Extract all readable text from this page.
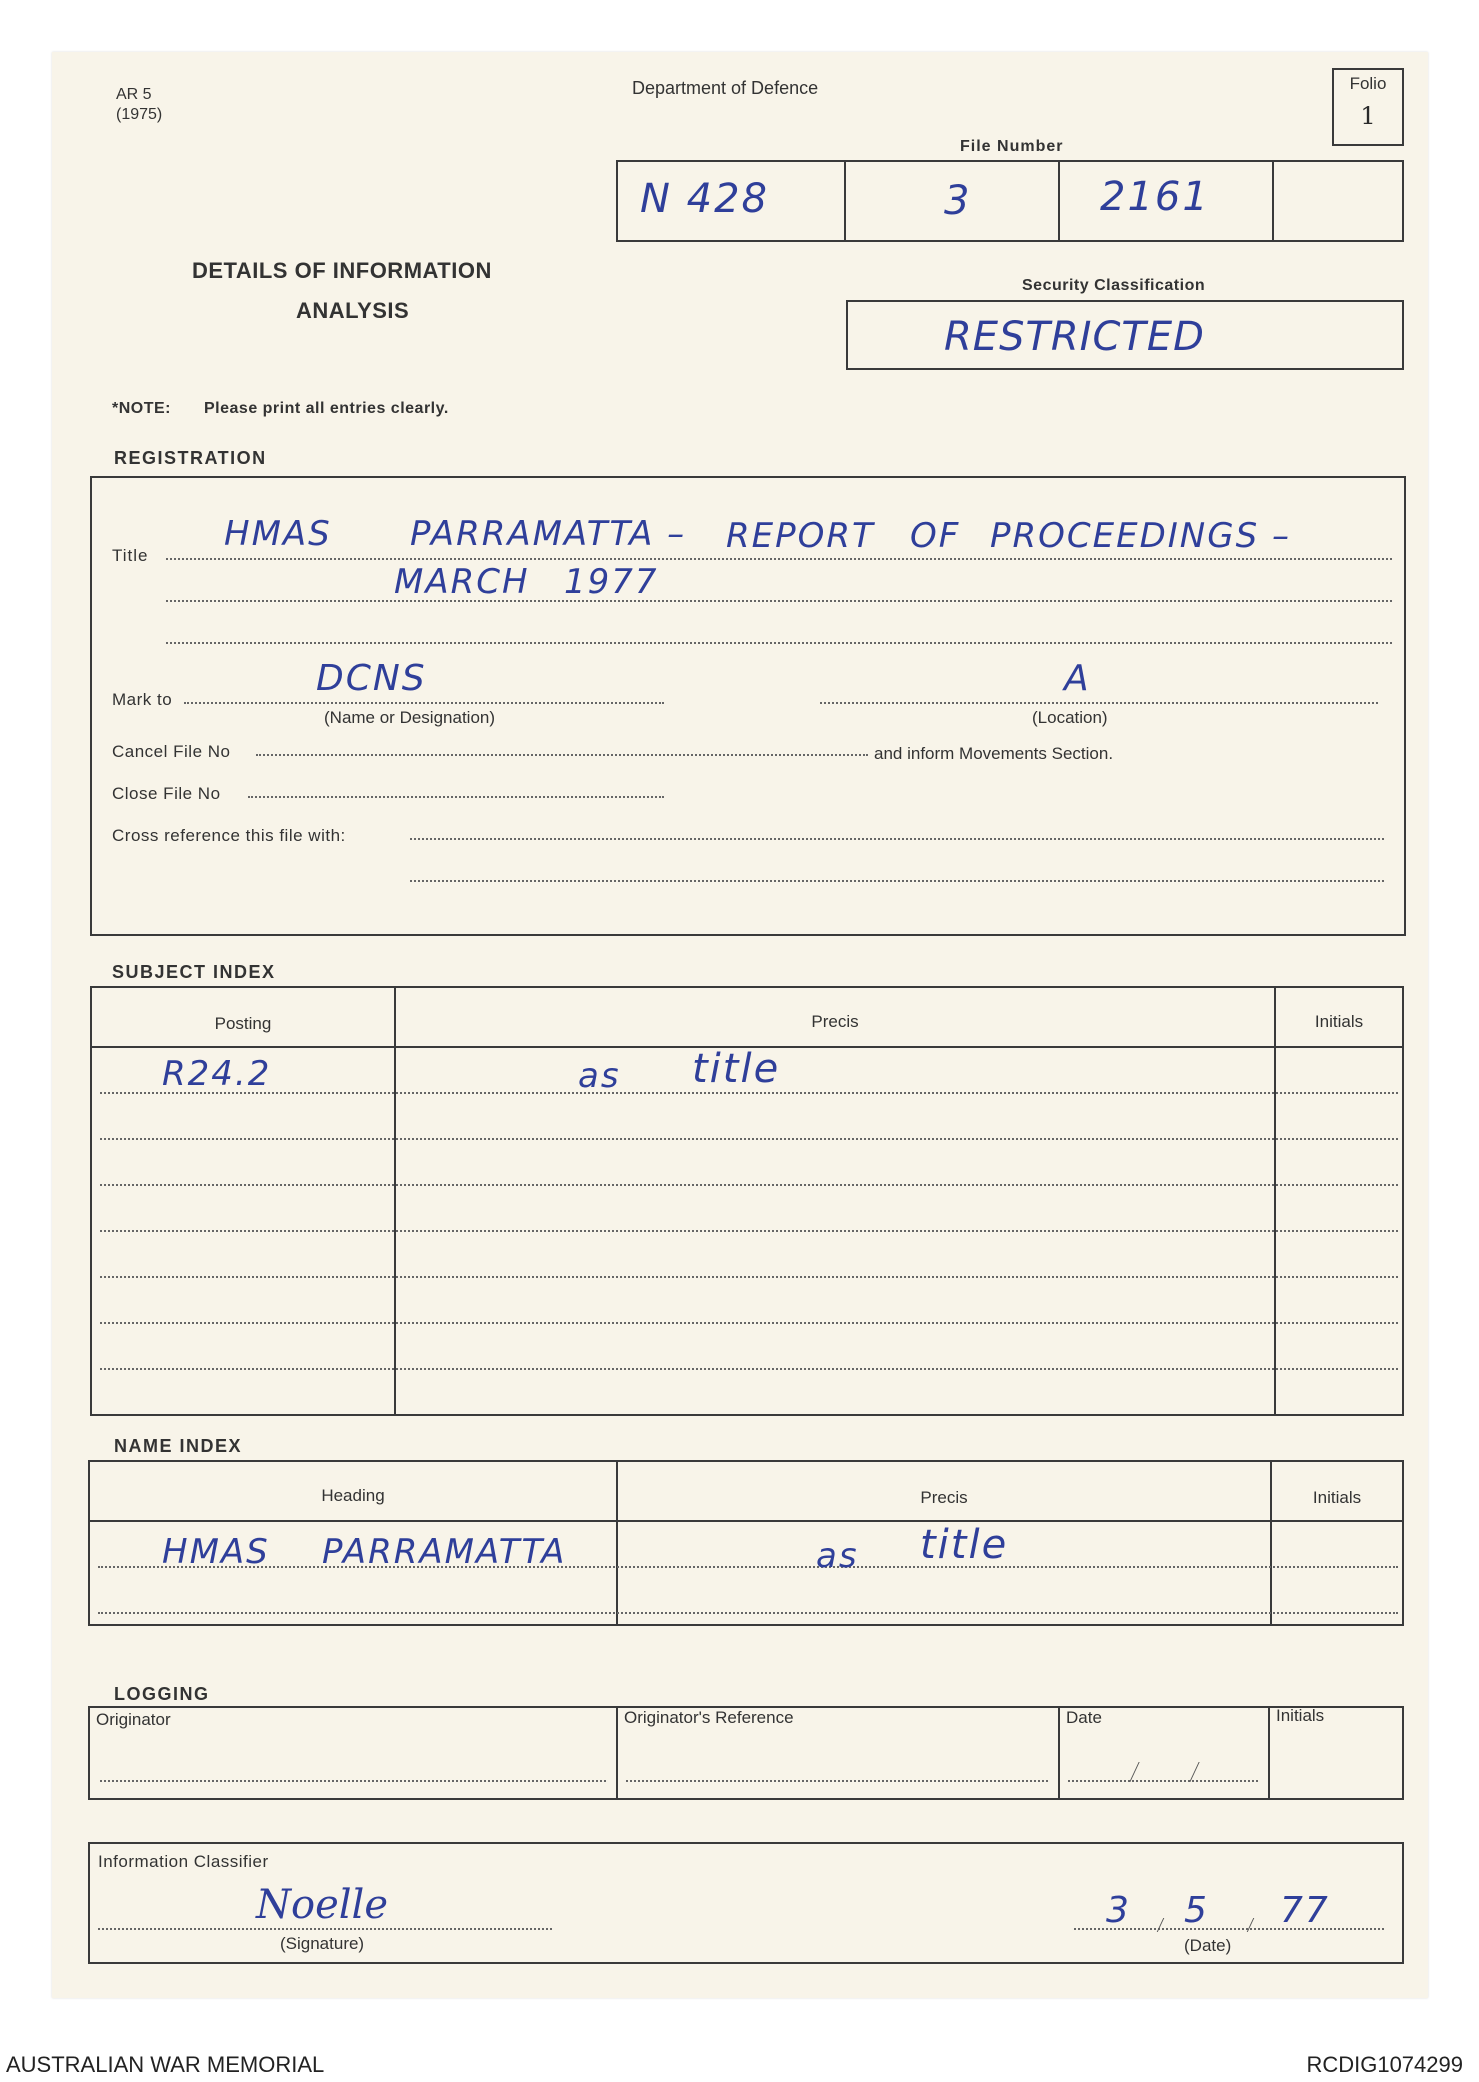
AR 5
(1975)
Department of Defence	Folio
1
File Number
N 428	3	2161
DETAILS OF INFORMATION
ANALYSIS
Security Classification
RESTRICTED
*NOTE: Please print all entries clearly.
REGISTRATION
Title
HMAS PARRAMATTA – REPORT OF PROCEEDINGS –
MARCH 1977
Mark to
DCNS
(Name or Designation)
A
(Location)
Cancel File No	and inform Movements Section.
Close File No
Cross reference this file with:
SUBJECT INDEX
Posting	Precis	Initials
R24.2	as title
NAME INDEX
Heading	Precis	Initials
HMAS PARRAMATTA	as title
LOGGING
Originator	Originator's Reference	Date	Initials
Information Classifier
Noelle
(Signature)
3 5 77
(Date)
AUSTRALIAN WAR MEMORIAL	RCDIG1074299
